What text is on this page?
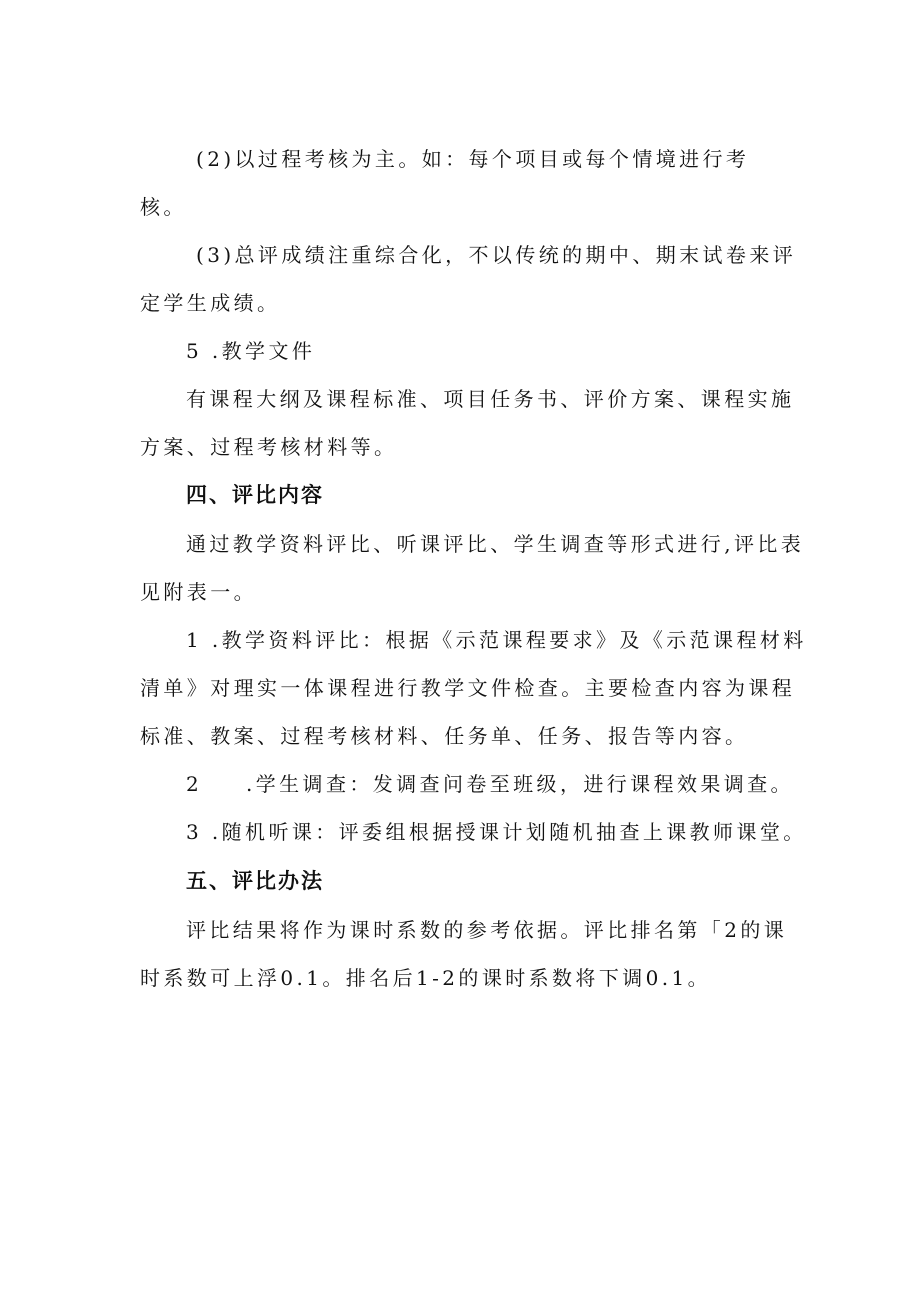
(2)以过程考核为主。如：每个项目或每个情境进行考
核。
(3)总评成绩注重综合化，不以传统的期中、期末试卷来评
定学生成绩。
5 .教学文件
有课程大纲及课程标准、项目任务书、评价方案、课程实施
方案、过程考核材料等。
四、评比内容
通过教学资料评比、听课评比、学生调查等形式进行,评比表
见附表一。
1 .教学资料评比：根据《示范课程要求》及《示范课程材料
清单》对理实一体课程进行教学文件检查。主要检查内容为课程
标准、教案、过程考核材料、任务单、任务、报告等内容。
2 .学生调查：发调查问卷至班级，进行课程效果调查。
3 .随机听课：评委组根据授课计划随机抽查上课教师课堂。
五、评比办法
评比结果将作为课时系数的参考依据。评比排名第「2的课
时系数可上浮0.1。排名后1-2的课时系数将下调0.1。
